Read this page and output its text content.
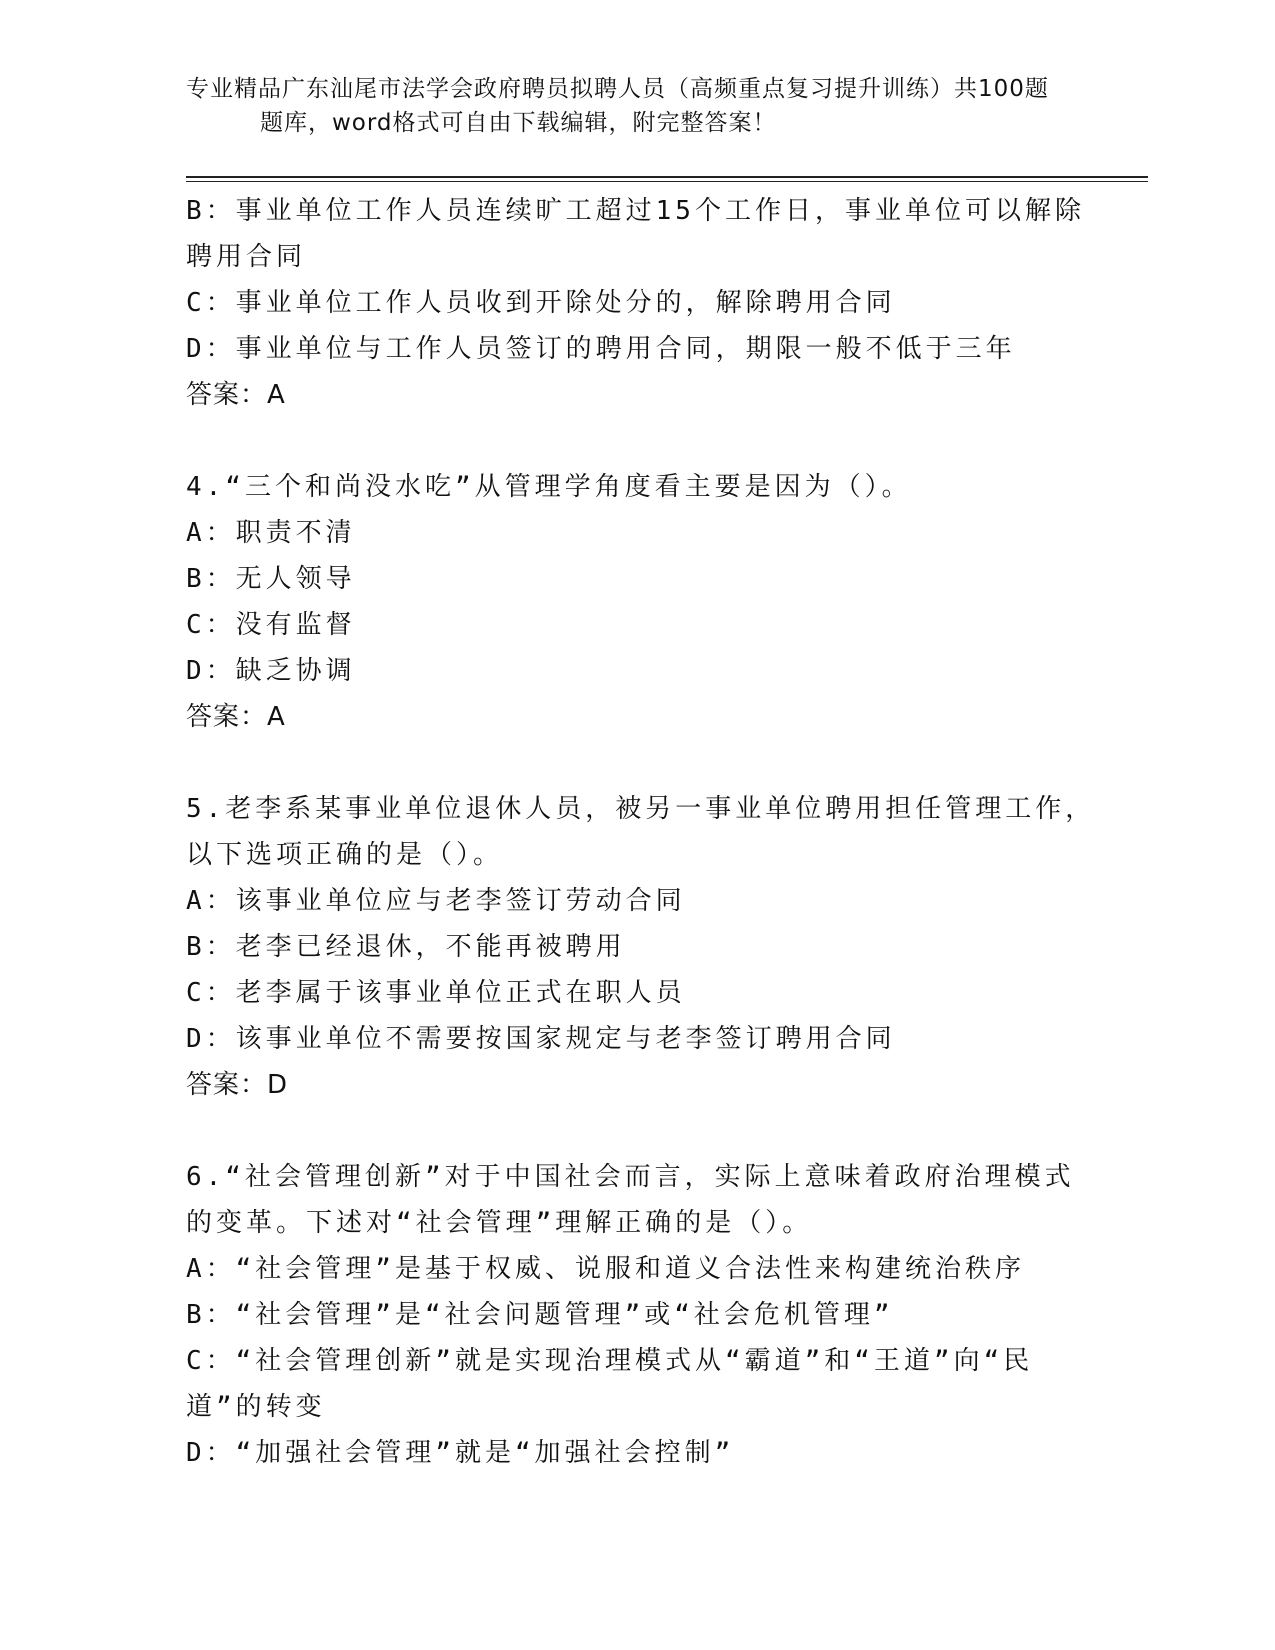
专业精品广东汕尾市法学会政府聘员拟聘人员（高频重点复习提升训练）共100题
题库，word格式可自由下载编辑，附完整答案！
B：事业单位工作人员连续旷工超过15个工作日，事业单位可以解除
聘用合同
C：事业单位工作人员收到开除处分的，解除聘用合同
D：事业单位与工作人员签订的聘用合同，期限一般不低于三年
答案：A
4.“三个和尚没水吃”从管理学角度看主要是因为（）。
A：职责不清
B：无人领导
C：没有监督
D：缺乏协调
答案：A
5.老李系某事业单位退休人员，被另一事业单位聘用担任管理工作，
以下选项正确的是（）。
A：该事业单位应与老李签订劳动合同
B：老李已经退休，不能再被聘用
C：老李属于该事业单位正式在职人员
D：该事业单位不需要按国家规定与老李签订聘用合同
答案：D
6.“社会管理创新”对于中国社会而言，实际上意味着政府治理模式
的变革。下述对“社会管理”理解正确的是（）。
A：“社会管理”是基于权威、说服和道义合法性来构建统治秩序
B：“社会管理”是“社会问题管理”或“社会危机管理”
C：“社会管理创新”就是实现治理模式从“霸道”和“王道”向“民
道”的转变
D：“加强社会管理”就是“加强社会控制”
